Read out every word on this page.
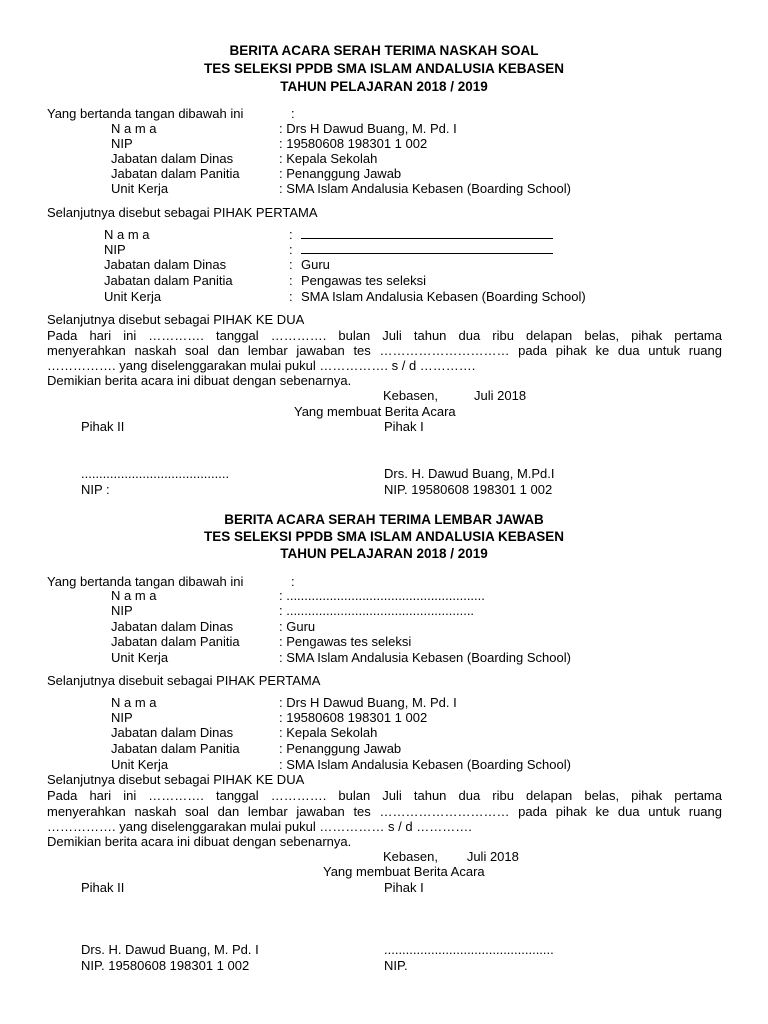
BERITA ACARA SERAH TERIMA NASKAH SOAL
TES SELEKSI PPDB SMA ISLAM ANDALUSIA KEBASEN
TAHUN PELAJARAN 2018 / 2019
Yang bertanda tangan dibawah ini	:
N a m a	: Drs H Dawud Buang, M. Pd. I
NIP	: 19580608 198301 1 002
Jabatan dalam Dinas	: Kepala Sekolah
Jabatan dalam Panitia	: Penanggung Jawab
Unit Kerja	: SMA Islam Andalusia Kebasen (Boarding School)
Selanjutnya disebut sebagai PIHAK PERTAMA
N a m a	:
NIP	:
Jabatan dalam Dinas	: Guru
Jabatan dalam Panitia	: Pengawas tes seleksi
Unit Kerja	: SMA Islam Andalusia Kebasen (Boarding School)
Selanjutnya disebut sebagai PIHAK KE DUA
Pada hari ini …………. tanggal …………. bulan Juli tahun dua ribu delapan belas, pihak pertama
menyerahkan naskah soal dan lembar jawaban tes ………………………… pada pihak ke dua untuk ruang
……………. yang diselenggarakan mulai pukul ……………. s / d ………….
Demikian berita acara ini dibuat dengan sebenarnya.
Kebasen,          Juli 2018
Yang membuat Berita Acara
Pihak II	Pihak I
.........................................	Drs. H. Dawud Buang, M.Pd.I
NIP :	NIP. 19580608 198301 1 002
BERITA ACARA SERAH TERIMA LEMBAR JAWAB
TES SELEKSI PPDB SMA ISLAM ANDALUSIA KEBASEN
TAHUN PELAJARAN 2018 / 2019
Yang bertanda tangan dibawah ini	:
N a m a	: .......................................................
NIP	: ....................................................
Jabatan dalam Dinas	: Guru
Jabatan dalam Panitia	: Pengawas tes seleksi
Unit Kerja	: SMA Islam Andalusia Kebasen (Boarding School)
Selanjutnya disebuit sebagai PIHAK PERTAMA
N a m a	: Drs H Dawud Buang, M. Pd. I
NIP	: 19580608 198301 1 002
Jabatan dalam Dinas	: Kepala Sekolah
Jabatan dalam Panitia	: Penanggung Jawab
Unit Kerja	: SMA Islam Andalusia Kebasen (Boarding School)
Selanjutnya disebut sebagai PIHAK KE DUA
Pada hari ini …………. tanggal …………. bulan Juli tahun dua ribu delapan belas, pihak pertama
menyerahkan naskah soal dan lembar jawaban tes ………………………… pada pihak ke dua untuk ruang
……………. yang diselenggarakan mulai pukul …………… s / d ………….
Demikian berita acara ini dibuat dengan sebenarnya.
Kebasen,        Juli 2018
Yang membuat Berita Acara
Pihak II	Pihak I
Drs. H. Dawud Buang, M. Pd. I	...............................................
NIP. 19580608 198301 1 002	NIP.
